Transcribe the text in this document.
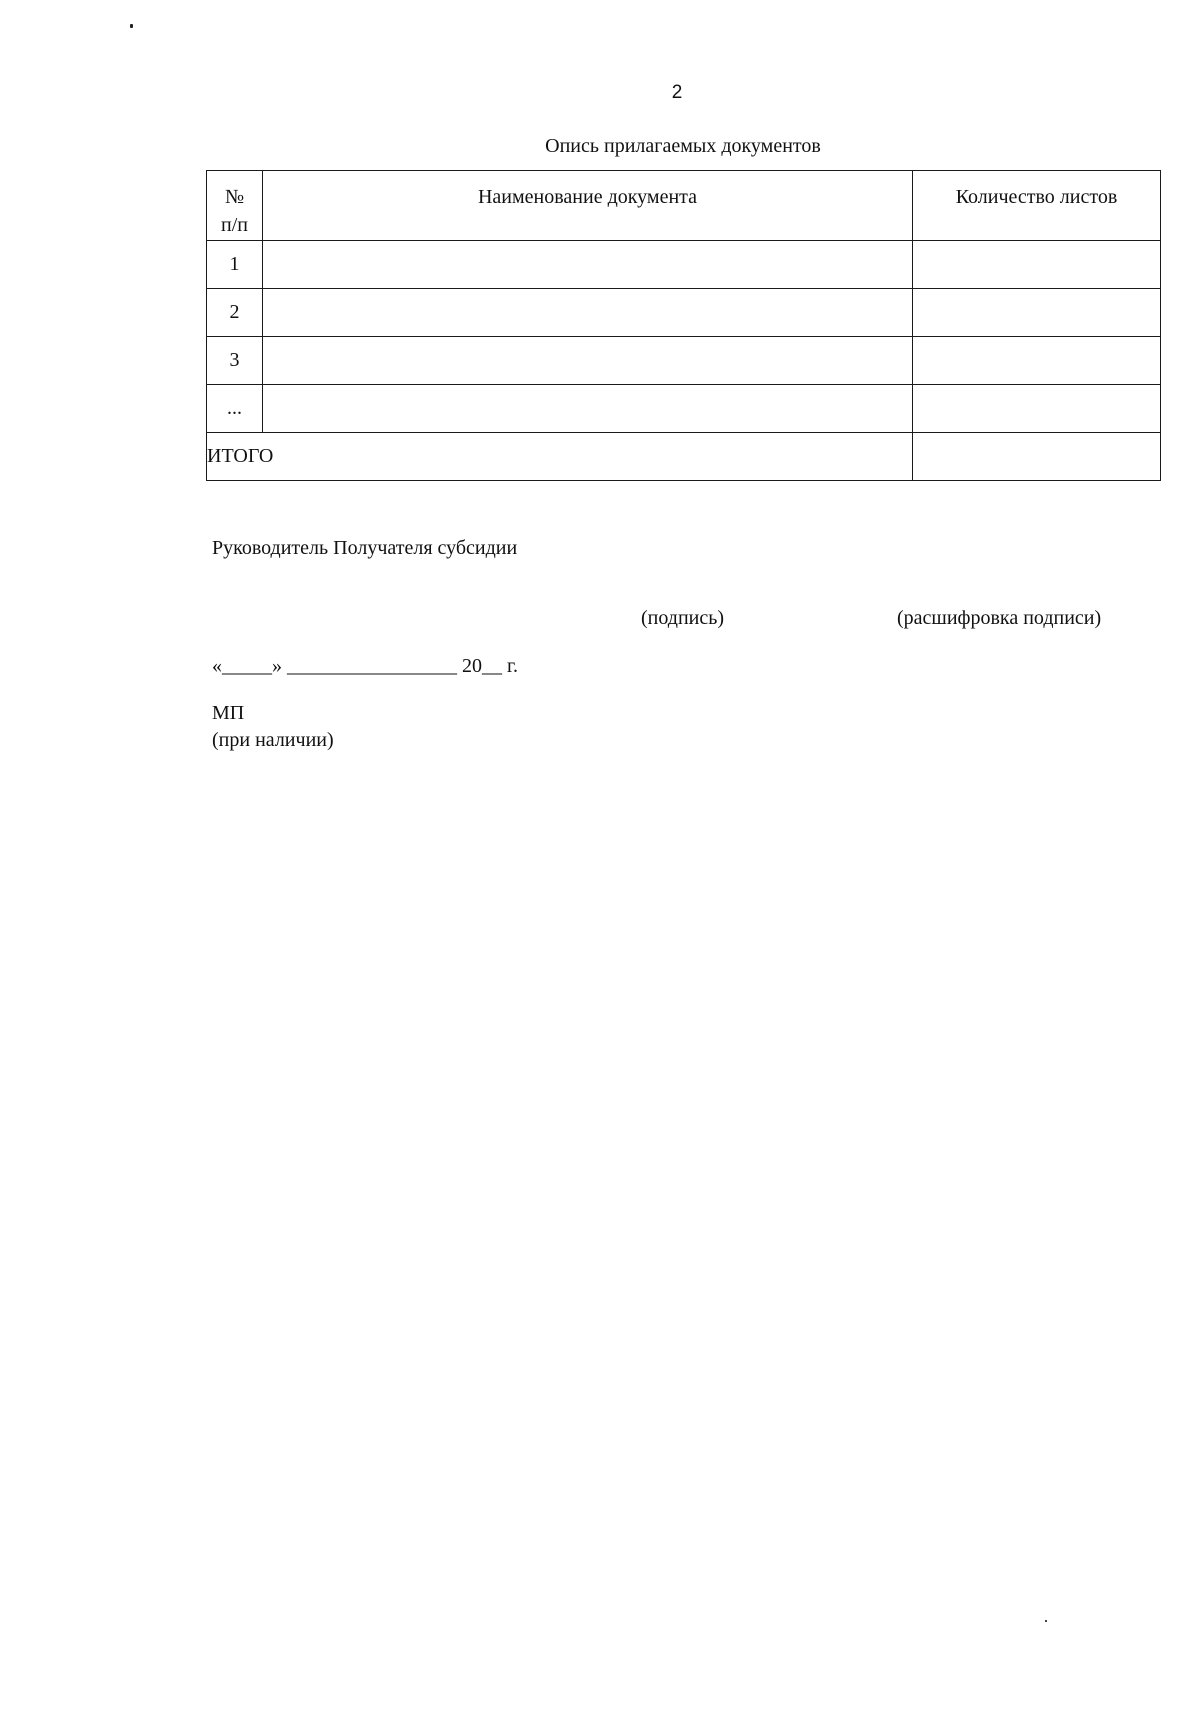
2
Опись прилагаемых документов
№
п/п	Наименование документа	Количество листов
1		
2		
3		
...		
ИТОГО		
Руководитель Получателя субсидии
(подпись)	(расшифровка подписи)
«_____» _________________ 20__ г.
МП
(при наличии)
